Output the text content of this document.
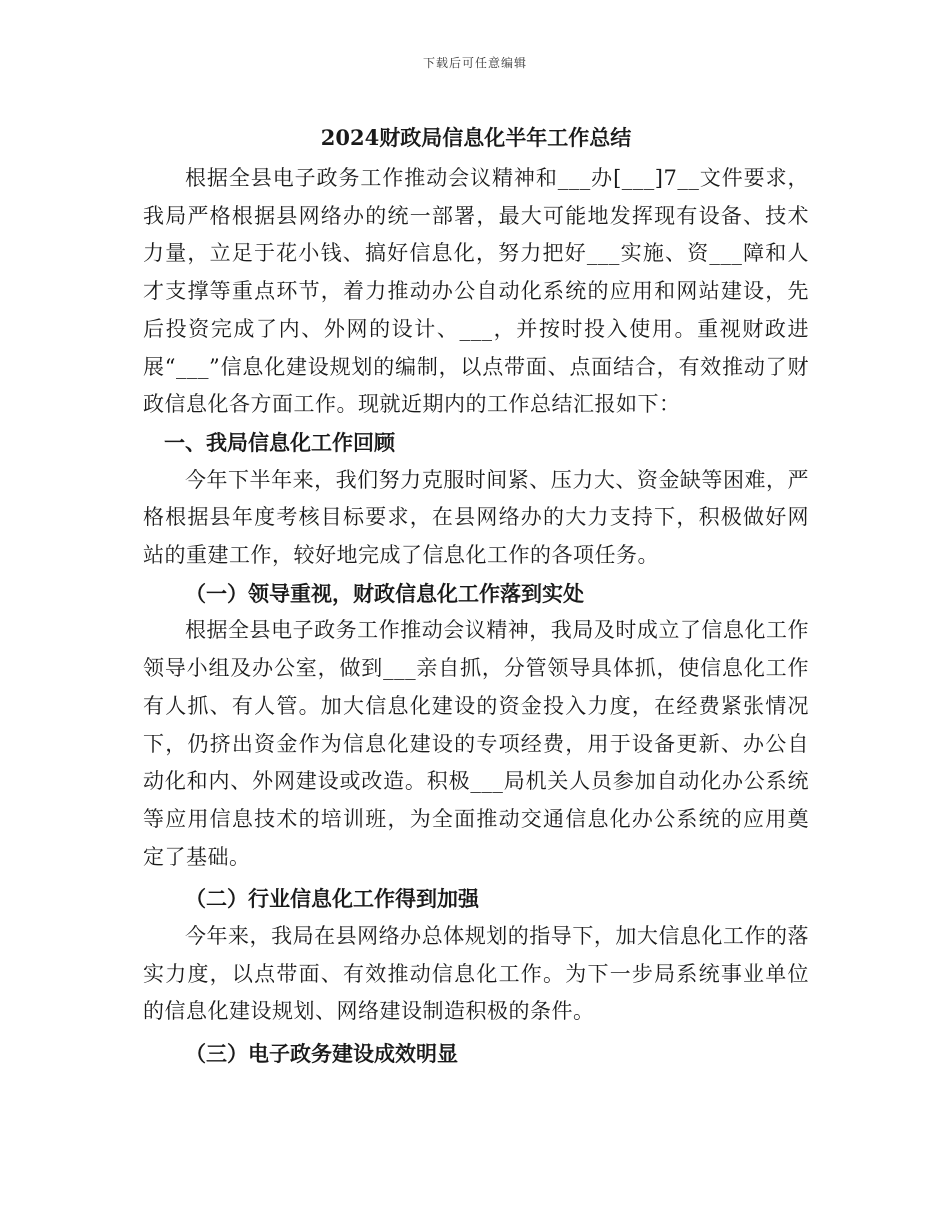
下载后可任意编辑
2024财政局信息化半年工作总结

根据全县电子政务工作推动会议精神和___办[___]7__文件要求，我局严格根据县网络办的统一部署，最大可能地发挥现有设备、技术力量，立足于花小钱、搞好信息化，努力把好___实施、资___障和人才支撑等重点环节，着力推动办公自动化系统的应用和网站建设，先后投资完成了内、外网的设计、___，并按时投入使用。重视财政进展“___”信息化建设规划的编制，以点带面、点面结合，有效推动了财政信息化各方面工作。现就近期内的工作总结汇报如下：

一、我局信息化工作回顾

今年下半年来，我们努力克服时间紧、压力大、资金缺等困难，严格根据县年度考核目标要求，在县网络办的大力支持下，积极做好网站的重建工作，较好地完成了信息化工作的各项任务。

（一）领导重视，财政信息化工作落到实处

根据全县电子政务工作推动会议精神，我局及时成立了信息化工作领导小组及办公室，做到___亲自抓，分管领导具体抓，使信息化工作有人抓、有人管。加大信息化建设的资金投入力度，在经费紧张情况下，仍挤出资金作为信息化建设的专项经费，用于设备更新、办公自动化和内、外网建设或改造。积极___局机关人员参加自动化办公系统等应用信息技术的培训班，为全面推动交通信息化办公系统的应用奠定了基础。

（二）行业信息化工作得到加强

今年来，我局在县网络办总体规划的指导下，加大信息化工作的落实力度，以点带面、有效推动信息化工作。为下一步局系统事业单位的信息化建设规划、网络建设制造积极的条件。

（三）电子政务建设成效明显
